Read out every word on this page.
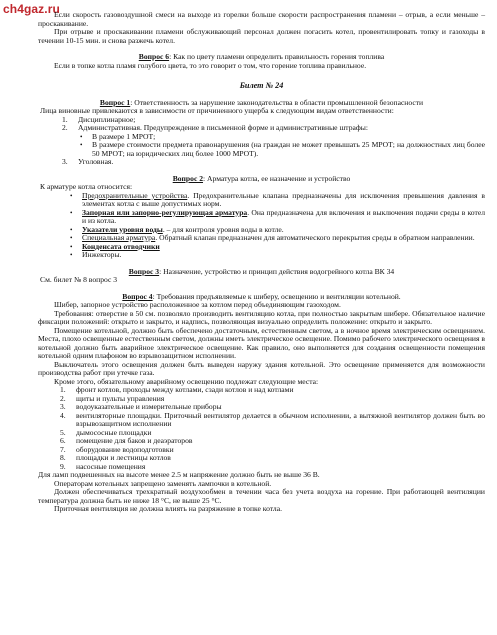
ch4gaz.ru

Если скорость газовоздушной смеси на выходе из горелки больше скорости распространения пламени – отрыв, а если меньше – проскакивание.

При отрыве и проскакивании пламени обслуживающий персонал должен погасить котел, провентилировать топку и газоходы в течении 10-15 мин. и снова разжечь котел.

Вопрос 6: Как по цвету пламени определить правильность горения топлива

Если в топке котла пламя голубого цвета, то это говорит о том, что горение топлива правильное.

Билет № 24

Вопрос 1: Ответственность за нарушение законодательства в области промышленной безопасности

Лица виновные привлекаются в зависимости от причиненного ущерба к следующим видам ответственности:

1. Дисциплинарное;
2. Административная. Предупреждение в письменной форме и административные штрафы:
• В размере 1 МРОТ;
• В размере стоимости предмета правонарушения (на граждан не может превышать 25 МРОТ; на должностных лиц более 50 МРОТ; на юридических лиц более 1000 МРОТ).
3. Уголовная.

Вопрос 2: Арматура котла, ее назначение и устройство

К арматуре котла относится:

• Предохранительные устройства. Предохранительные клапана предназначены для исключения превышения давления в элементах котла с выше допустимых норм.
• Запорная или запорно-регулирующая арматура. Она предназначена для включения и выключения подачи среды в котел и из котла.
• Указатели уровня воды. – для контроля уровня воды в котле.
• Специальная арматура. Обратный клапан предназначен для автоматического перекрытия среды в обратном направлении.
• Конденсата отводчики
• Инжекторы.

Вопрос 3: Назначение, устройство и принцип действия водогрейного котла ВК 34

См. билет № 8 вопрос 3

Вопрос 4: Требования предъявляемые к шиберу, освещению и вентиляции котельной.

Шибер, запорное устройство расположенное за котлом перед объединяющим газоходом.

Требования: отверстие в 50 см. позволяло производить вентиляцию котла, при полностью закрытым шибере. Обязательное наличие фиксации положений: открыто и закрыто, и надпись, позволяющая визуально определить положение: открыто и закрыто.

Помещение котельной, должно быть обеспечено достаточным, естественным светом, а в ночное время электрическим освещением. Места, плохо освещенные естественным светом, должны иметь электрическое освещение. Помимо рабочего электрического освещения в котельной должно быть аварийное электрическое освещение. Как правило, оно выполняется для создания освещенности помещения котельной одним плафоном во взрывозащитном исполнении.

Выключатель этого освещения должен быть выведен наружу здания котельной. Это освещение применяется для возможности производства работ при утечке газа.

Кроме этого, обязательному аварийному освещению подлежат следующие места:

1. фронт котлов, проходы между котлами, сзади котлов и над котлами
2. щиты и пульты управления
3. водоуказательные и измерительные приборы
4. вентиляторные площадки. Приточный вентилятор делается в обычном исполнении, а вытяжной вентилятор должен быть во взрывозащитном исполнении
5. дымососные площадки
6. помещение для баков и деаэраторов
7. оборудование водоподготовки
8. площадки и лестницы котлов
9. насосные помещения

Для ламп подвешенных на высоте менее 2.5 м напряжение должно быть не выше 36 В.

Операторам котельных запрещено заменять лампочки в котельной.

Должен обеспечиваться трехкратный воздухообмен в течении часа без учета воздуха на горение. При работающей вентиляции температура должна быть не ниже 18 °С, не выше 25 °С.

Приточная вентиляция не должна влиять на разряжение в топке котла.
